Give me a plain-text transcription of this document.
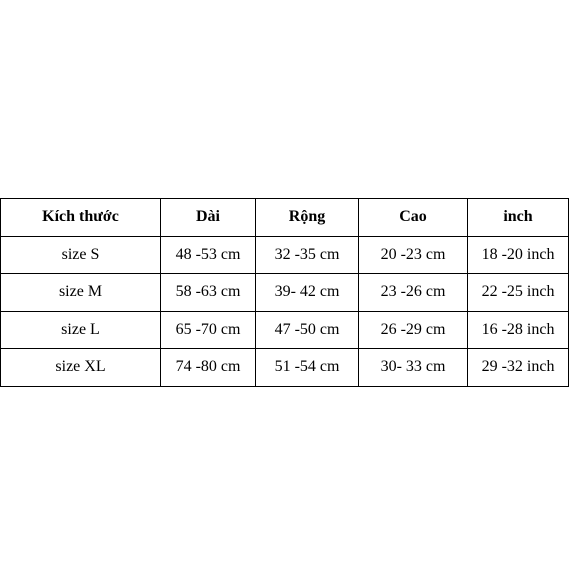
Kích thước	Dài	Rộng	Cao	inch
size S	48 -53 cm	32 -35 cm	20 -23 cm	18 -20 inch
size M	58 -63 cm	39- 42 cm	23 -26 cm	22 -25 inch
size L	65 -70 cm	47 -50 cm	26 -29 cm	16 -28 inch
size XL	74 -80 cm	51 -54 cm	30- 33 cm	29 -32 inch
